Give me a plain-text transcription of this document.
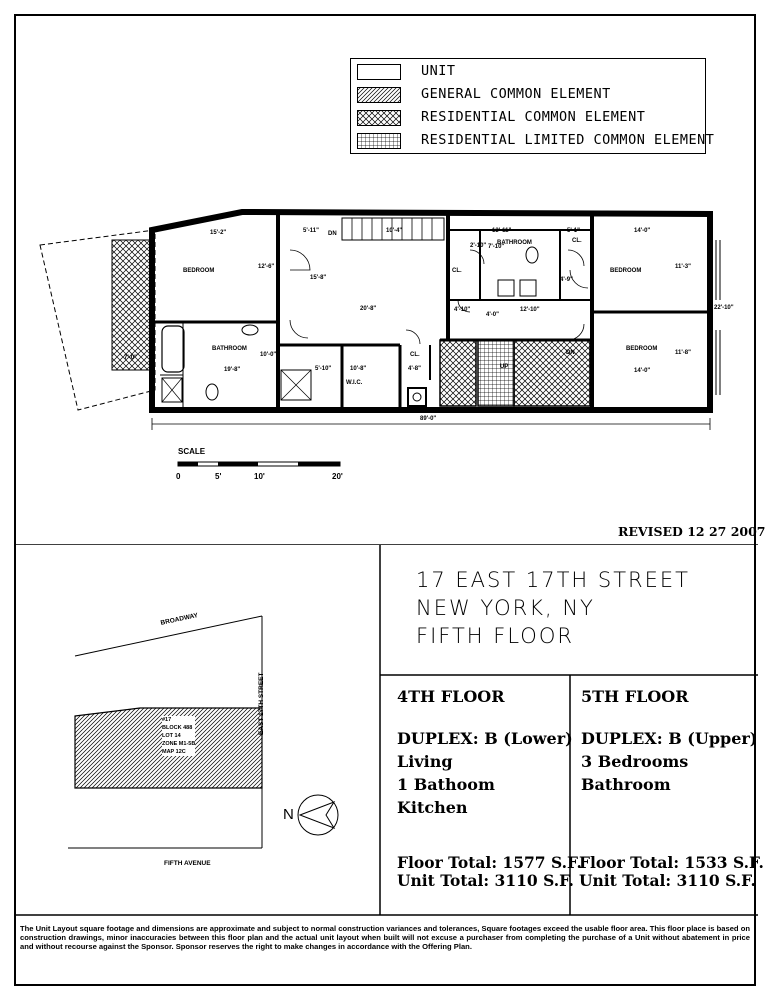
UNIT
GENERAL COMMON ELEMENT
RESIDENTIAL COMMON ELEMENT
RESIDENTIAL LIMITED COMMON ELEMENT
BEDROOM
BATHROOM
BATHROOM
BEDROOM
BEDROOM
W.I.C.
CL.
CL.
CL.
DN
DN
UP
15'-2"	5'-11"	10'-4"	13'-11"	5'-1"	14'-0"
12'-6"
15'-8"
20'-8"
2'-10"
4'-9"
11'-3"
22'-10"
19'-8"
10'-0"
5'-10"	10'-8"	4'-8"
4'-10"	12'-10"
14'-0"
11'-8"
89'-0"
7'-0"
7'-10"
4'-0"
SCALE
0	5'	10'	20'
REVISED 12 27 2007
BROADWAY
EAST 17TH STREET
FIFTH AVENUE
#17
BLOCK 488
LOT 14
ZONE M1-5B
MAP 12C
N
17 EAST 17TH STREET
NEW YORK, NY
FIFTH FLOOR
4TH FLOOR
DUPLEX: B (Lower)
Living
1 Bathoom
Kitchen
Floor Total: 1577 S.F.
Unit Total: 3110 S.F.
5TH FLOOR
DUPLEX: B (Upper)
3 Bedrooms
Bathroom
Floor Total: 1533 S.F.
Unit Total: 3110 S.F.
The Unit Layout square footage and dimensions are approximate and subject to normal construction variances and tolerances, Square footages exceed the usable floor area. This floor place is based on construction drawings, minor inaccuracies between this floor plan and the actual unit layout when built will not excuse a purchaser from completing the purchase of a Unit without abatement in price and without recourse against the Sponsor. Sponsor reserves the right to make changes in accordance with the Offering Plan.
